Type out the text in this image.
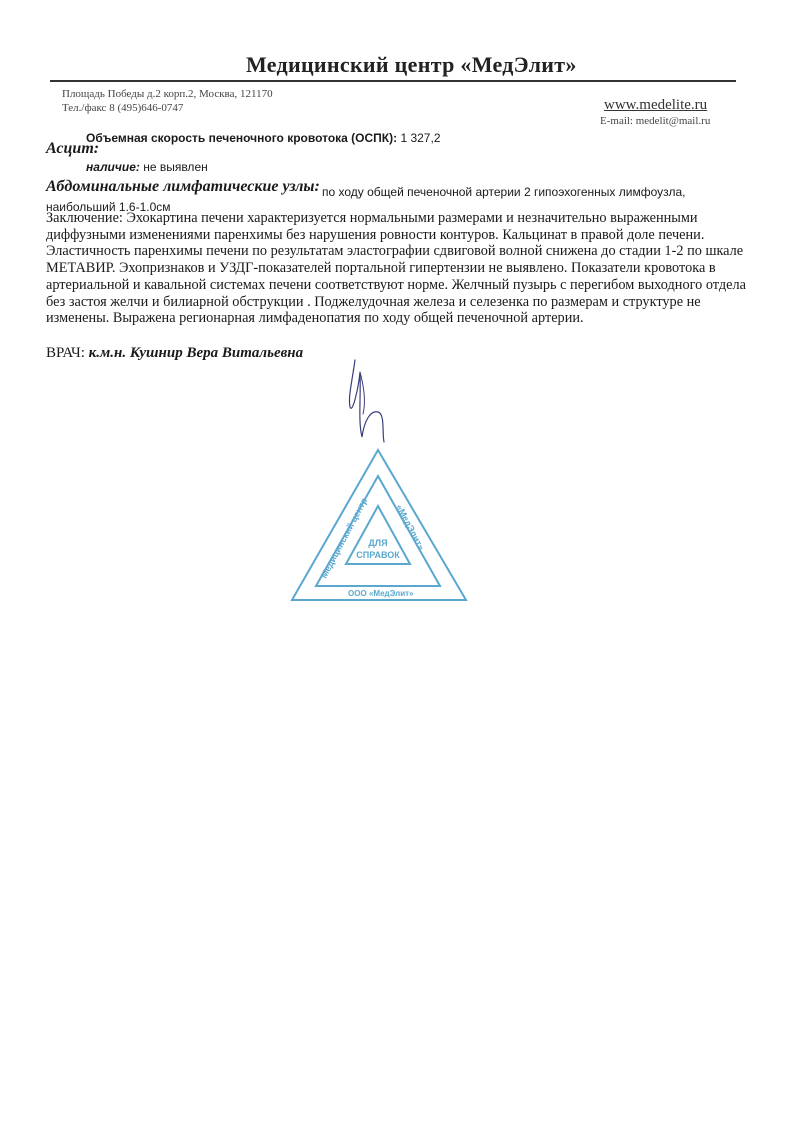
Медицинский центр «МедЭлит»
Площадь Победы д.2 корп.2, Москва, 121170
Тел./факс 8 (495)646-0747	www.medelite.ru
E-mail: medelit@mail.ru
Объемная скорость печеночного кровотока (ОСПК): 1 327,2
Асцит:
наличие: не выявлен
Абдоминальные лимфатические узлы: по ходу общей печеночной артерии 2 гипоэхогенных лимфоузла,
наибольший 1.6-1.0см
Заключение: Эхокартина печени характеризуется нормальными размерами и незначительно выраженными
диффузными изменениями паренхимы без нарушения ровности контуров. Кальцинат в правой доле печени.
Эластичность паренхимы печени по результатам эластографии сдвиговой волной снижена до стадии 1-2 по шкале
МЕТАВИР. Эхопризнаков и УЗДГ-показателей портальной гипертензии не выявлено. Показатели кровотока в
артериальной и кавальной системах печени соответствуют норме. Желчный пузырь с перегибом выходного отдела
без застоя желчи и билиарной обструкции . Поджелудочная железа и селезенка по размерам и структуре не
изменены. Выражена регионарная лимфаденопатия по ходу общей печеночной артерии.
ВРАЧ: к.м.н. Кушнир Вера Витальевна
Медицинский центр
«МедЭлит»
ООО «МедЭлит»
ДЛЯ
СПРАВОК
